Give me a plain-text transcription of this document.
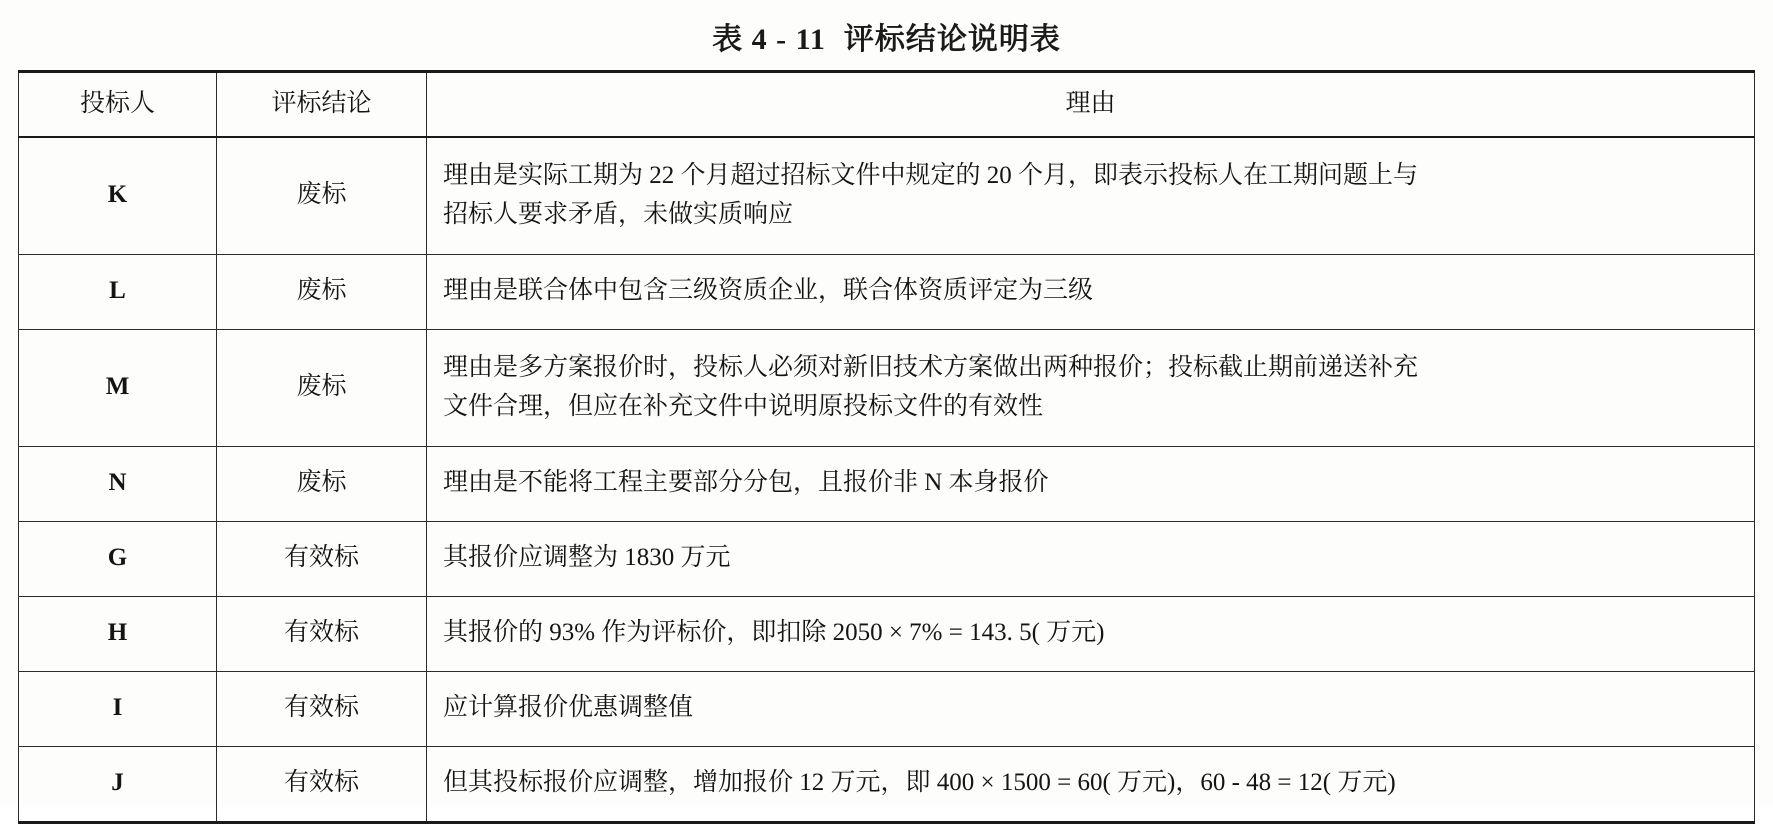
表 4 - 11 评标结论说明表
投标人	评标结论	理由
K	废标	理由是实际工期为 22 个月超过招标文件中规定的 20 个月，即表示投标人在工期问题上与
招标人要求矛盾，未做实质响应

L	废标	理由是联合体中包含三级资质企业，联合体资质评定为三级

M	废标	理由是多方案报价时，投标人必须对新旧技术方案做出两种报价；投标截止期前递送补充
文件合理，但应在补充文件中说明原投标文件的有效性

N	废标	理由是不能将工程主要部分分包，且报价非 N 本身报价

G	有效标	其报价应调整为 1830 万元

H	有效标	其报价的 93% 作为评标价，即扣除 2050 × 7% = 143. 5( 万元)

I	有效标	应计算报价优惠调整值

J	有效标	但其投标报价应调整，增加报价 12 万元，即 400 × 1500 = 60( 万元)，60 - 48 = 12( 万元)
